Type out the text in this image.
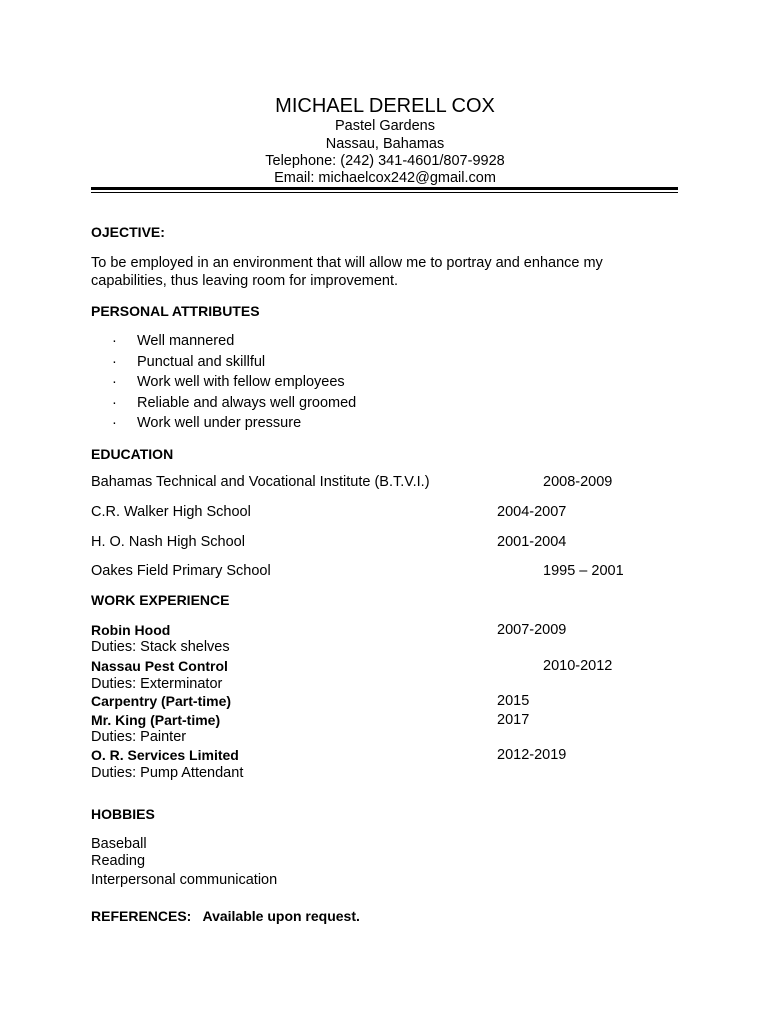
MICHAEL DERELL COX
Pastel Gardens
Nassau, Bahamas
Telephone: (242) 341-4601/807-9928
Email: michaelcox242@gmail.com
OJECTIVE:
To be employed in an environment that will allow me to portray and enhance my
capabilities, thus leaving room for improvement.
PERSONAL ATTRIBUTES
· Well mannered
· Punctual and skillful
· Work well with fellow employees
· Reliable and always well groomed
· Work well under pressure
EDUCATION
Bahamas Technical and Vocational Institute (B.T.V.I.)	2008-2009
C.R. Walker High School	2004-2007
H. O. Nash High School	2001-2004
Oakes Field Primary School	1995 – 2001
WORK EXPERIENCE
Robin Hood	2007-2009
Duties: Stack shelves
Nassau Pest Control	2010-2012
Duties: Exterminator
Carpentry (Part-time)	2015
Mr. King (Part-time)	2017
Duties: Painter
O. R. Services Limited	2012-2019
Duties: Pump Attendant
HOBBIES
Baseball
Reading
Interpersonal communication
REFERENCES:   Available upon request.
